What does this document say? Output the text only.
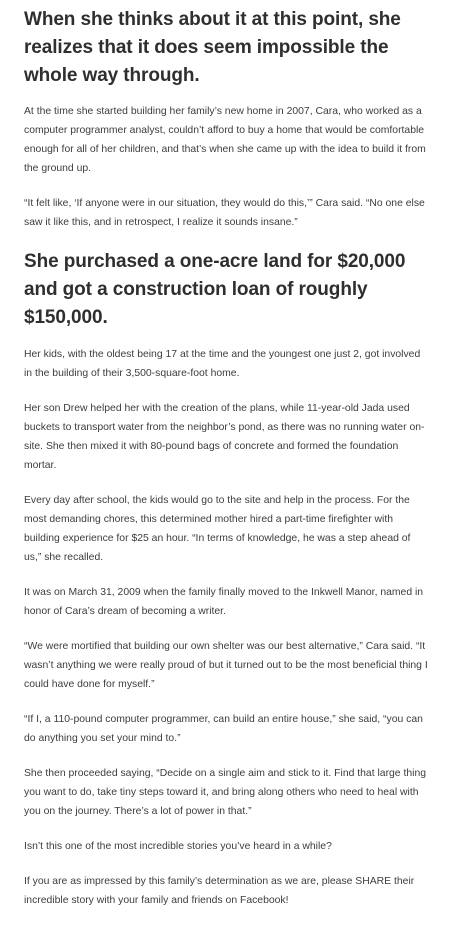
When she thinks about it at this point, she realizes that it does seem impossible the whole way through.

At the time she started building her family’s new home in 2007, Cara, who worked as a computer programmer analyst, couldn’t afford to buy a home that would be comfortable enough for all of her children, and that’s when she came up with the idea to build it from the ground up.

“It felt like, ‘If anyone were in our situation, they would do this,’” Cara said. “No one else saw it like this, and in retrospect, I realize it sounds insane.”

She purchased a one-acre land for $20,000 and got a construction loan of roughly $150,000.

Her kids, with the oldest being 17 at the time and the youngest one just 2, got involved in the building of their 3,500-square-foot home.

Her son Drew helped her with the creation of the plans, while 11-year-old Jada used buckets to transport water from the neighbor’s pond, as there was no running water on-site. She then mixed it with 80-pound bags of concrete and formed the foundation mortar.

Every day after school, the kids would go to the site and help in the process. For the most demanding chores, this determined mother hired a part-time firefighter with building experience for $25 an hour. “In terms of knowledge, he was a step ahead of us,” she recalled.

It was on March 31, 2009 when the family finally moved to the Inkwell Manor, named in honor of Cara’s dream of becoming a writer.

“We were mortified that building our own shelter was our best alternative,” Cara said. “It wasn’t anything we were really proud of but it turned out to be the most beneficial thing I could have done for myself.”

“If I, a 110-pound computer programmer, can build an entire house,” she said, “you can do anything you set your mind to.”

She then proceeded saying, “Decide on a single aim and stick to it. Find that large thing you want to do, take tiny steps toward it, and bring along others who need to heal with you on the journey. There’s a lot of power in that.”

Isn’t this one of the most incredible stories you’ve heard in a while?

If you are as impressed by this family’s determination as we are, please SHARE their incredible story with your family and friends on Facebook!
